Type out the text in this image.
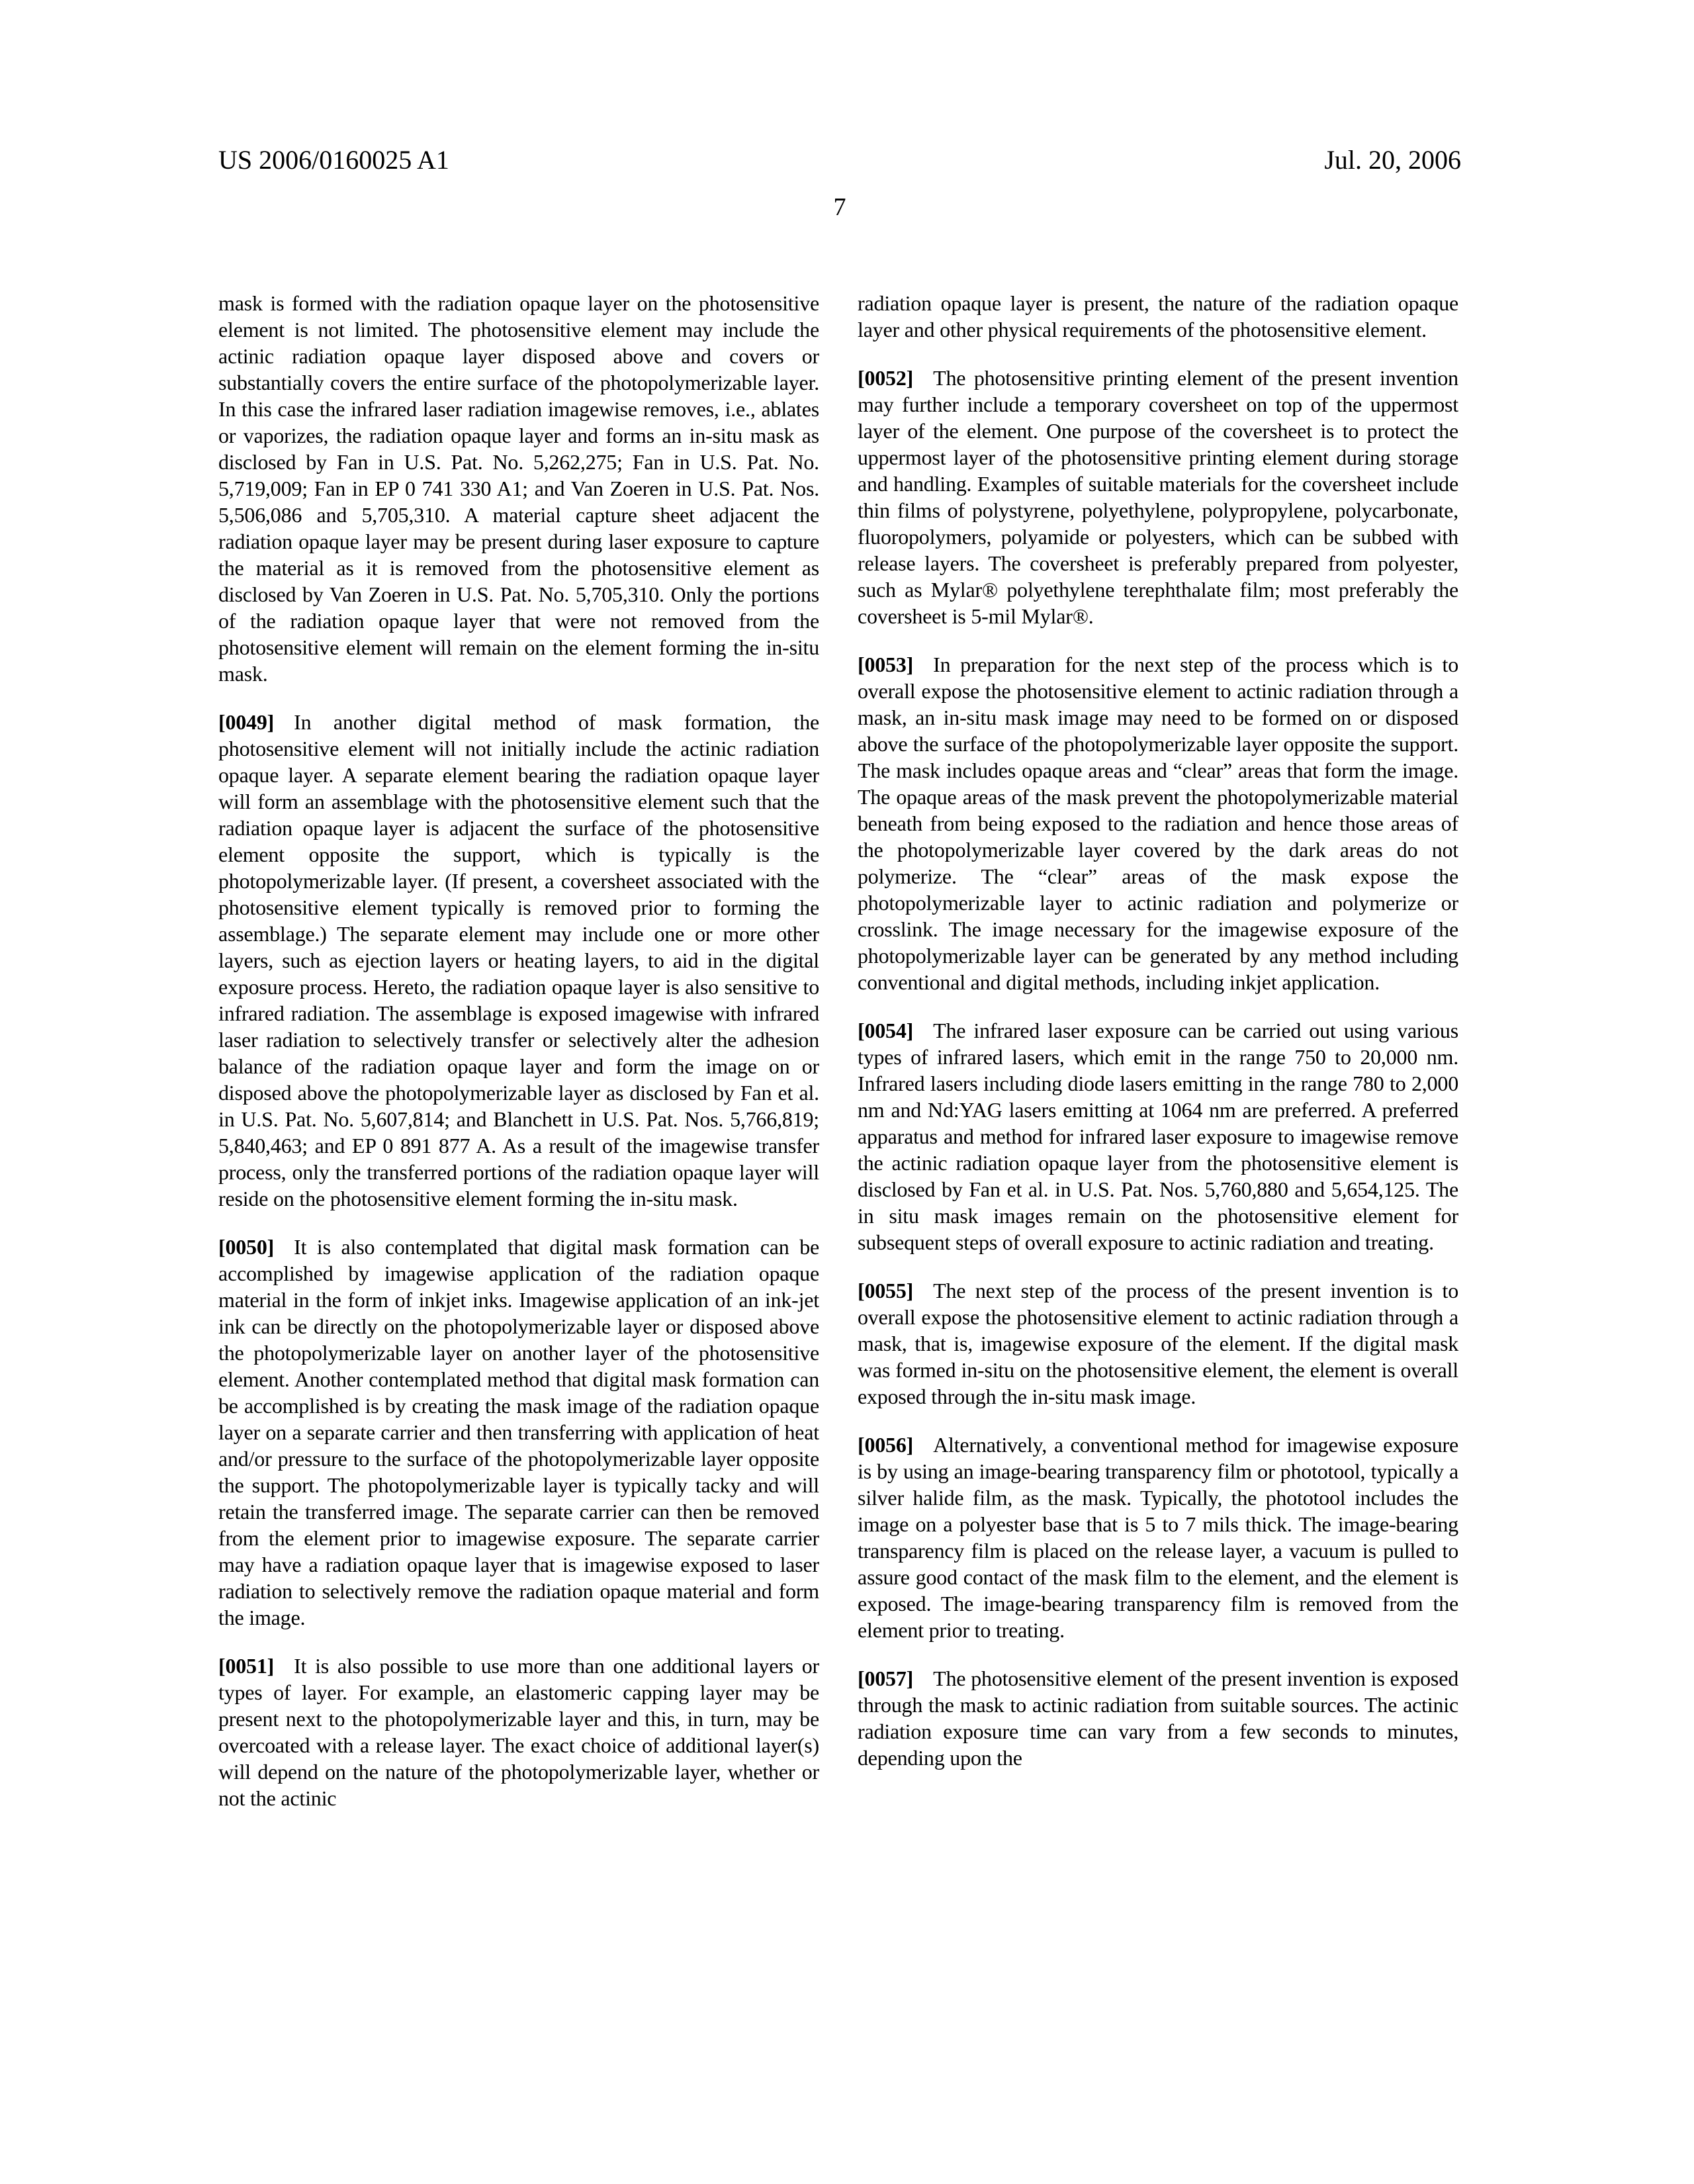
US 2006/0160025 A1	Jul. 20, 2006
7

mask is formed with the radiation opaque layer on the photosensitive element is not limited. The photosensitive element may include the actinic radiation opaque layer disposed above and covers or substantially covers the entire surface of the photopolymerizable layer. In this case the infrared laser radiation imagewise removes, i.e., ablates or vaporizes, the radiation opaque layer and forms an in-situ mask as disclosed by Fan in U.S. Pat. No. 5,262,275; Fan in U.S. Pat. No. 5,719,009; Fan in EP 0 741 330 A1; and Van Zoeren in U.S. Pat. Nos. 5,506,086 and 5,705,310. A material capture sheet adjacent the radiation opaque layer may be present during laser exposure to capture the material as it is removed from the photosensitive element as disclosed by Van Zoeren in U.S. Pat. No. 5,705,310. Only the portions of the radiation opaque layer that were not removed from the photosensitive element will remain on the element forming the in-situ mask.

[0049] In another digital method of mask formation, the photosensitive element will not initially include the actinic radiation opaque layer. A separate element bearing the radiation opaque layer will form an assemblage with the photosensitive element such that the radiation opaque layer is adjacent the surface of the photosensitive element opposite the support, which is typically is the photopolymerizable layer. (If present, a coversheet associated with the photosensitive element typically is removed prior to forming the assemblage.) The separate element may include one or more other layers, such as ejection layers or heating layers, to aid in the digital exposure process. Hereto, the radiation opaque layer is also sensitive to infrared radiation. The assemblage is exposed imagewise with infrared laser radiation to selectively transfer or selectively alter the adhesion balance of the radiation opaque layer and form the image on or disposed above the photopolymerizable layer as disclosed by Fan et al. in U.S. Pat. No. 5,607,814; and Blanchett in U.S. Pat. Nos. 5,766,819; 5,840,463; and EP 0 891 877 A. As a result of the imagewise transfer process, only the transferred portions of the radiation opaque layer will reside on the photosensitive element forming the in-situ mask.

[0050] It is also contemplated that digital mask formation can be accomplished by imagewise application of the radiation opaque material in the form of inkjet inks. Imagewise application of an ink-jet ink can be directly on the photopolymerizable layer or disposed above the photopolymerizable layer on another layer of the photosensitive element. Another contemplated method that digital mask formation can be accomplished is by creating the mask image of the radiation opaque layer on a separate carrier and then transferring with application of heat and/or pressure to the surface of the photopolymerizable layer opposite the support. The photopolymerizable layer is typically tacky and will retain the transferred image. The separate carrier can then be removed from the element prior to imagewise exposure. The separate carrier may have a radiation opaque layer that is imagewise exposed to laser radiation to selectively remove the radiation opaque material and form the image.

[0051] It is also possible to use more than one additional layers or types of layer. For example, an elastomeric capping layer may be present next to the photopolymerizable layer and this, in turn, may be overcoated with a release layer. The exact choice of additional layer(s) will depend on the nature of the photopolymerizable layer, whether or not the actinic

radiation opaque layer is present, the nature of the radiation opaque layer and other physical requirements of the photosensitive element.

[0052] The photosensitive printing element of the present invention may further include a temporary coversheet on top of the uppermost layer of the element. One purpose of the coversheet is to protect the uppermost layer of the photosensitive printing element during storage and handling. Examples of suitable materials for the coversheet include thin films of polystyrene, polyethylene, polypropylene, polycarbonate, fluoropolymers, polyamide or polyesters, which can be subbed with release layers. The coversheet is preferably prepared from polyester, such as Mylar® polyethylene terephthalate film; most preferably the coversheet is 5-mil Mylar®.

[0053] In preparation for the next step of the process which is to overall expose the photosensitive element to actinic radiation through a mask, an in-situ mask image may need to be formed on or disposed above the surface of the photopolymerizable layer opposite the support. The mask includes opaque areas and “clear” areas that form the image. The opaque areas of the mask prevent the photopolymerizable material beneath from being exposed to the radiation and hence those areas of the photopolymerizable layer covered by the dark areas do not polymerize. The “clear” areas of the mask expose the photopolymerizable layer to actinic radiation and polymerize or crosslink. The image necessary for the imagewise exposure of the photopolymerizable layer can be generated by any method including conventional and digital methods, including inkjet application.

[0054] The infrared laser exposure can be carried out using various types of infrared lasers, which emit in the range 750 to 20,000 nm. Infrared lasers including diode lasers emitting in the range 780 to 2,000 nm and Nd:YAG lasers emitting at 1064 nm are preferred. A preferred apparatus and method for infrared laser exposure to imagewise remove the actinic radiation opaque layer from the photosensitive element is disclosed by Fan et al. in U.S. Pat. Nos. 5,760,880 and 5,654,125. The in situ mask images remain on the photosensitive element for subsequent steps of overall exposure to actinic radiation and treating.

[0055] The next step of the process of the present invention is to overall expose the photosensitive element to actinic radiation through a mask, that is, imagewise exposure of the element. If the digital mask was formed in-situ on the photosensitive element, the element is overall exposed through the in-situ mask image.

[0056] Alternatively, a conventional method for imagewise exposure is by using an image-bearing transparency film or phototool, typically a silver halide film, as the mask. Typically, the phototool includes the image on a polyester base that is 5 to 7 mils thick. The image-bearing transparency film is placed on the release layer, a vacuum is pulled to assure good contact of the mask film to the element, and the element is exposed. The image-bearing transparency film is removed from the element prior to treating.

[0057] The photosensitive element of the present invention is exposed through the mask to actinic radiation from suitable sources. The actinic radiation exposure time can vary from a few seconds to minutes, depending upon the
